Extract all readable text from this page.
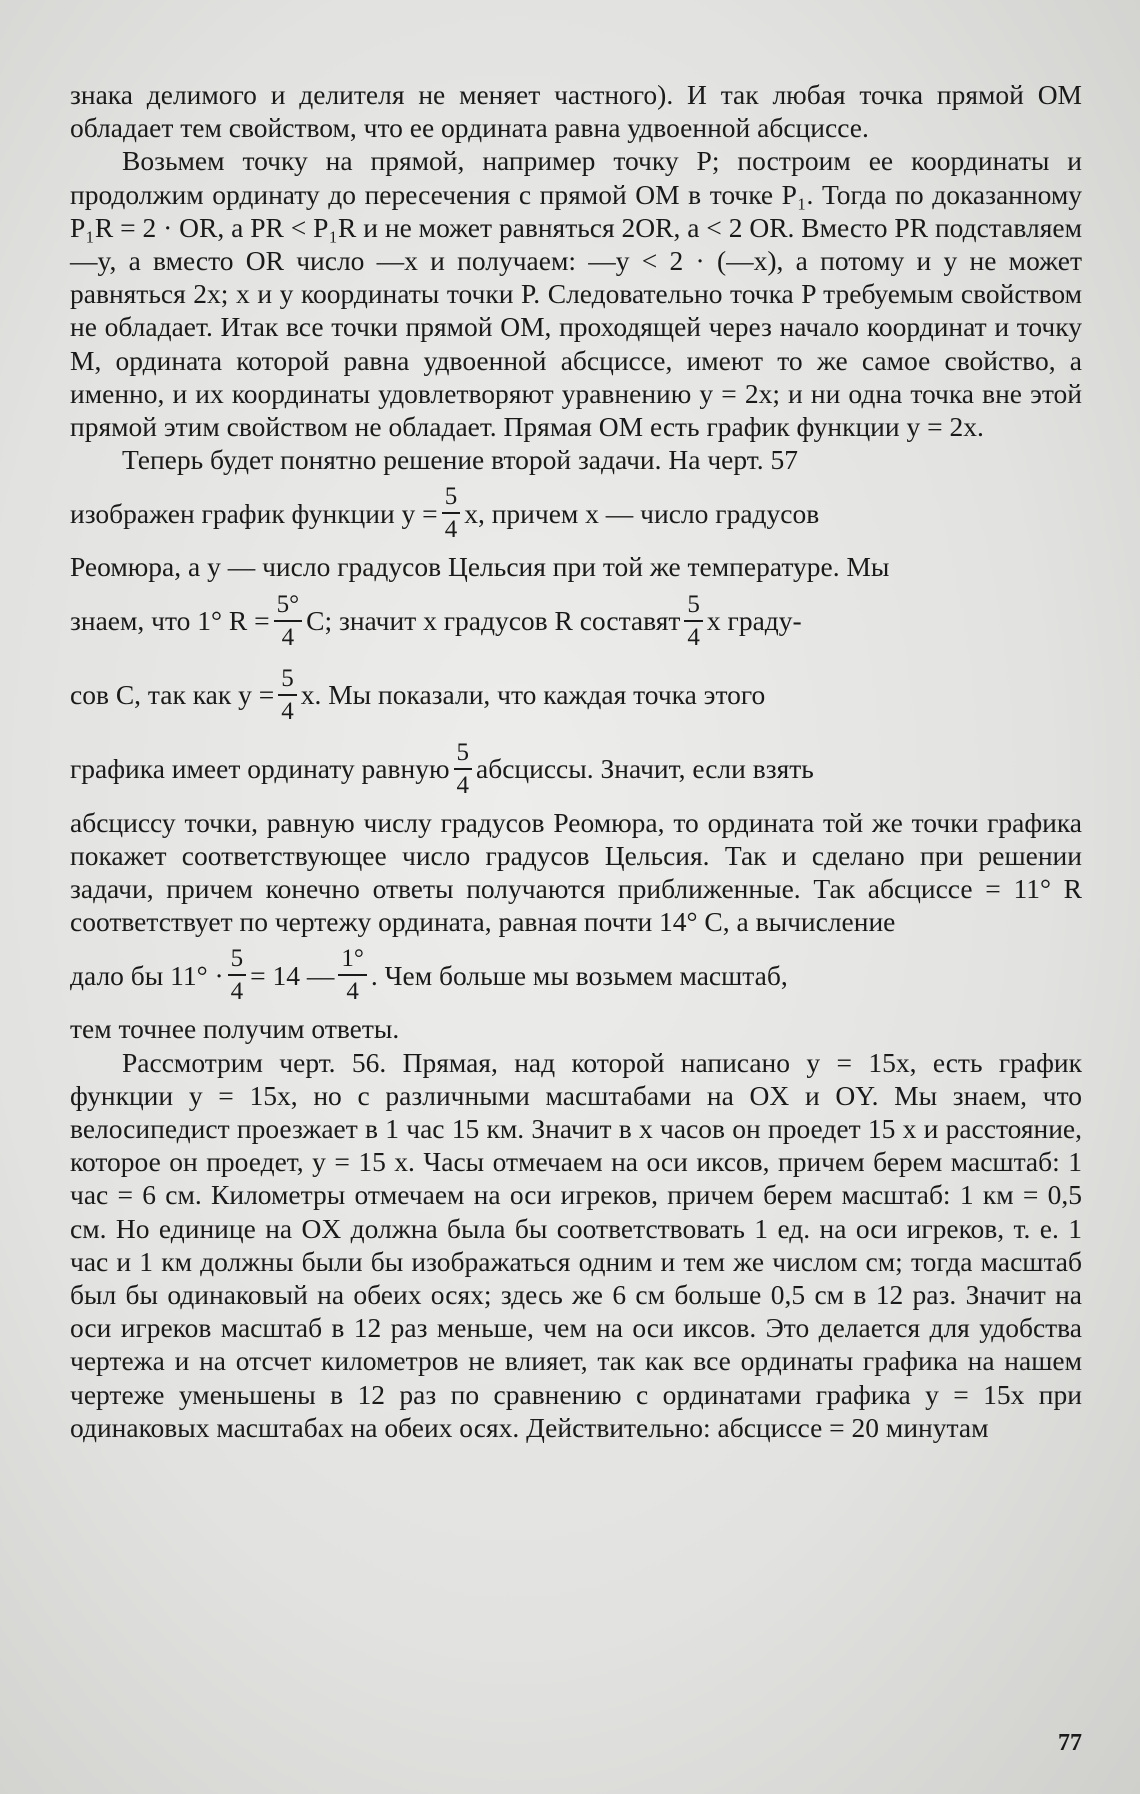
знака делимого и делителя не меняет частного). И так любая точка прямой ОМ обладает тем свойством, что ее ордината равна удвоенной абсциссе.

Возьмем точку на прямой, например точку P; построим ее координаты и продолжим ординату до пересечения с прямой ОМ в точке P₁. Тогда по доказанному P₁R = 2 · OR, а PR < P₁R и не может равняться 2OR, а < 2 OR. Вместо PR подставляем —y, а вместо OR число —x и получаем: —y < 2 · (—x), а потому и y не может равняться 2x; x и y координаты точки P. Следовательно точка P требуемым свойством не обладает. Итак все точки прямой ОМ, проходящей через начало координат и точку M, ордината которой равна удвоенной абсциссе, имеют то же самое свойство, а именно, и их координаты удовлетворяют уравнению y = 2x; и ни одна точка вне этой прямой этим свойством не обладает. Прямая ОМ есть график функции y = 2x.

Теперь будет понятно решение второй задачи. На черт. 57

изображен график функции $y = \frac{5}{4} x$, причем x — число градусов

Реомюра, а y — число градусов Цельсия при той же температуре. Мы

знаем, что 1° $R = \frac{5^\circ}{4} C$; значит x градусов R составят $\frac{5}{4}$ x граду-
сов C, так как $y = \frac{5}{4} x$. Мы показали, что каждая точка этого
графика имеет ординату равную $\frac{5}{4}$ абсциссы. Значит, если взять

абсциссу точки, равную числу градусов Реомюра, то ордината той же точки графика покажет соответствующее число градусов Цельсия. Так и сделано при решении задачи, причем конечно ответы получаются приближенные. Так абсциссе = 11° R соответствует по чертежу ордината, равная почти 14° C, а вычисление

дало бы $11^\circ \cdot \frac{5}{4} = 14$ — $\frac{1^\circ}{4}$ . Чем больше мы возьмем масштаб,

тем точнее получим ответы.

Рассмотрим черт. 56. Прямая, над которой написано y = 15x, есть график функции y = 15x, но с различными масштабами на OX и OY. Мы знаем, что велосипедист проезжает в 1 час 15 км. Значит в x часов он проедет 15 x и расстояние, которое он проедет, y = 15 x. Часы отмечаем на оси иксов, причем берем масштаб: 1 час = 6 см. Километры отмечаем на оси игреков, причем берем масштаб: 1 км = 0,5 см. Но единице на OX должна была бы соответствовать 1 ед. на оси игреков, т. е. 1 час и 1 км должны были бы изображаться одним и тем же числом см; тогда масштаб был бы одинаковый на обеих осях; здесь же 6 см больше 0,5 см в 12 раз. Значит на оси игреков масштаб в 12 раз меньше, чем на оси иксов. Это делается для удобства чертежа и на отсчет километров не влияет, так как все ординаты графика на нашем чертеже уменьшены в 12 раз по сравнению с ординатами графика y = 15x при одинаковых масштабах на обеих осях. Действительно: абсциссе = 20 минутам

77
